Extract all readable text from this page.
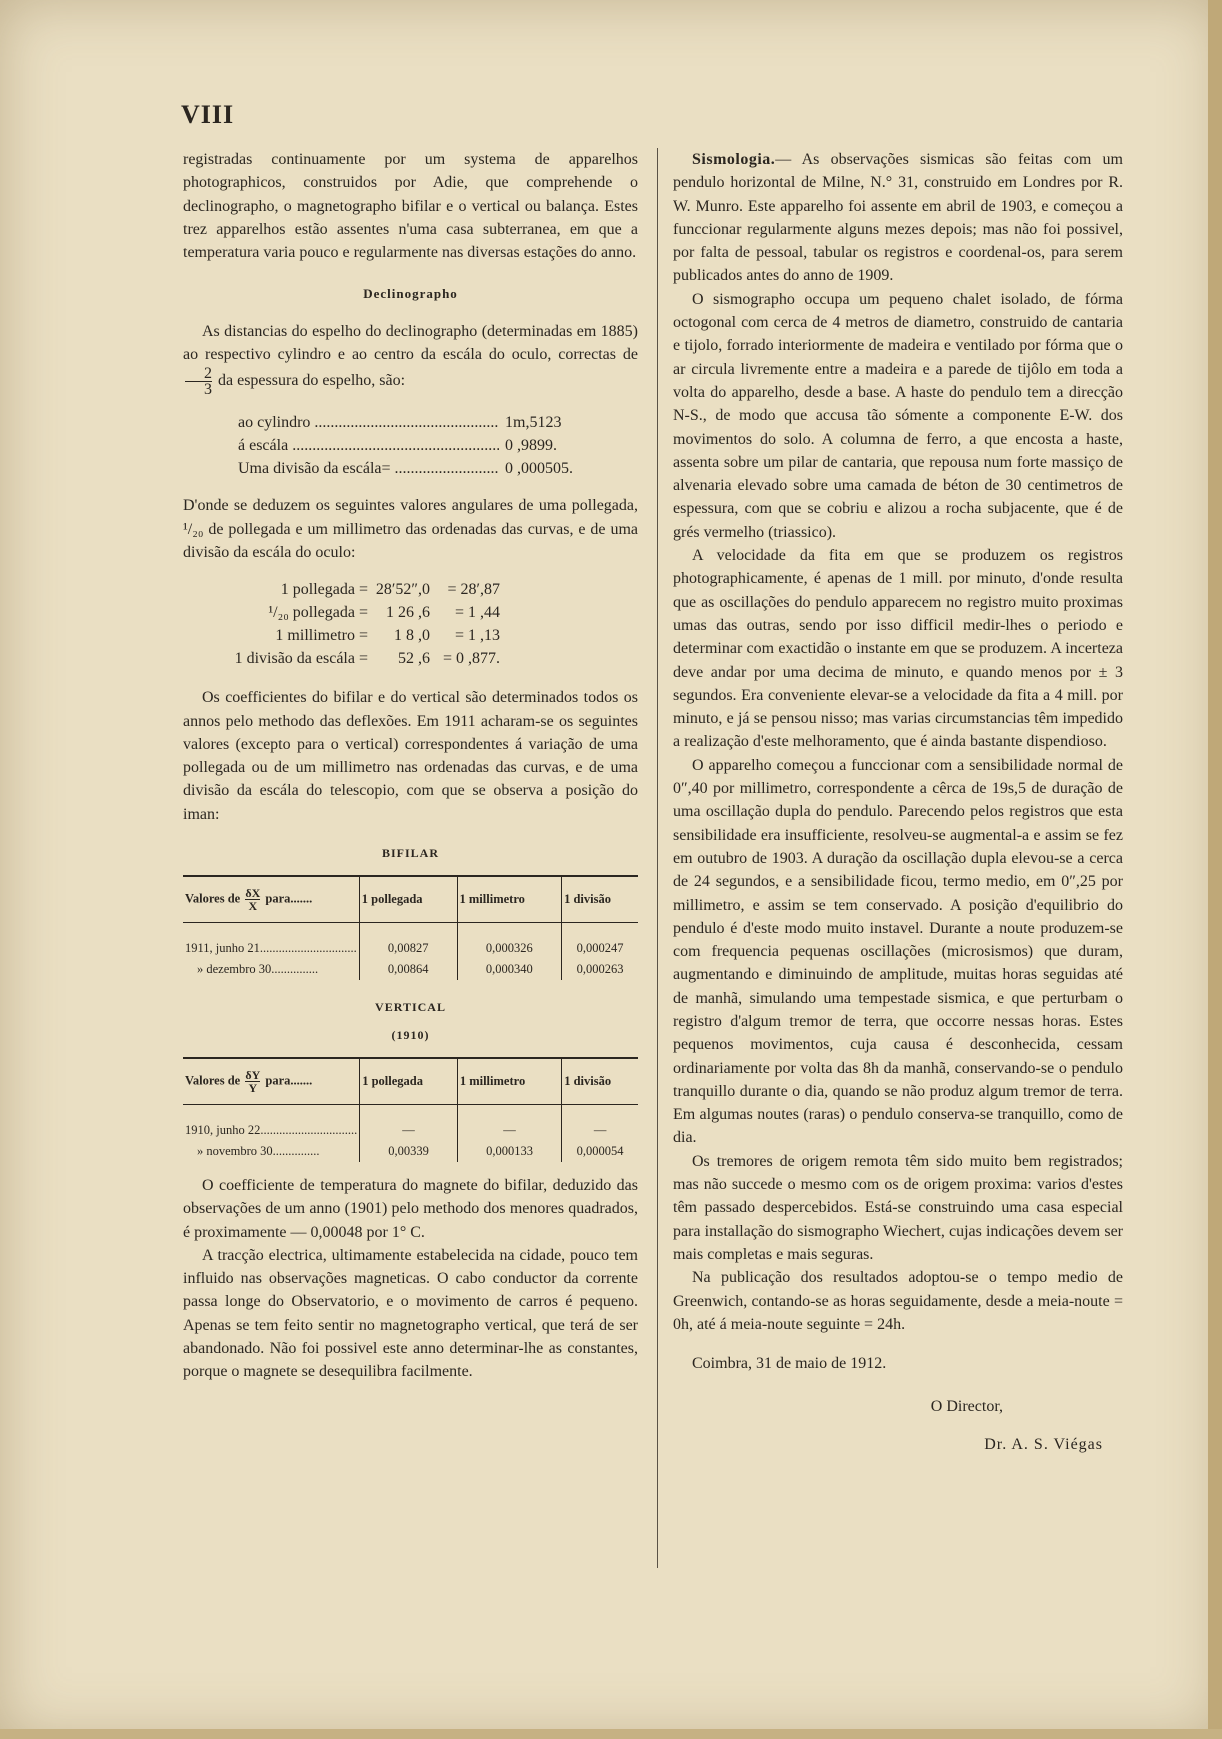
VIII

registradas continuamente por um systema de apparelhos photographicos, construidos por Adie, que comprehende o declinographo, o magnetographo bifilar e o vertical ou balança. Estes trez apparelhos estão assentes n'uma casa subterranea, em que a temperatura varia pouco e regularmente nas diversas estações do anno.

Declinographo

As distancias do espelho do declinographo (determinadas em 1885) ao respectivo cylindro e ao centro da escála do oculo, correctas de
$\frac{2}{3}$ da espessura do espelho, são:

ao cylindro .....	1m,5123
á escála .....	0 ,9899.
Uma divisão da escála= .....	0 ,000505.

D'onde se deduzem os seguintes valores angulares de uma pollegada, ¹/₂₀ de pollegada e um millimetro das ordenadas das curvas, e de uma divisão da escála do oculo:

1 pollegada = 28′52″,0	= 28′,87
¹/₂₀ pollegada =	1 26 ,6	= 1 ,44
1 millimetro =	1 8 ,0	= 1 ,13
1 divisão da escála =	52 ,6 = 0 ,877.

Os coefficientes do bifilar e do vertical são determinados todos os annos pelo methodo das deflexões. Em 1911 acharam-se os seguintes valores (excepto para o vertical) correspondentes á variação de uma pollegada ou de um millimetro nas ordenadas das curvas, e de uma divisão da escála do telescopio, com que se observa a posição do iman:

BIFILAR
Valores de $\frac{\delta X}{X}$ para.......	1 pollegada	1 millimetro	1 divisão
1911, junho 21...............................	0,00827	0,000326	0,000247
» dezembro 30...............	0,00864	0,000340	0,000263
VERTICAL
(1910)
Valores de $\frac{\delta Y}{Y}$ para.......	1 pollegada	1 millimetro	1 divisão
1910, junho 22...............................	—	—	—
» novembro 30...............	0,00339	0,000133	0,000054

O coefficiente de temperatura do magnete do bifilar, deduzido das observações de um anno (1901) pelo methodo dos menores quadrados, é proximamente — 0,00048 por 1° C.

A tracção electrica, ultimamente estabelecida na cidade, pouco tem influido nas observações magneticas. O cabo conductor da corrente passa longe do Observatorio, e o movimento de carros é pequeno. Apenas se tem feito sentir no magnetographo vertical, que terá de ser abandonado. Não foi possivel este anno determinar-lhe as constantes, porque o magnete se desequilibra facilmente.

Sismologia.— As observações sismicas são feitas com um pendulo horizontal de Milne, N.° 31, construido em Londres por R. W. Munro. Este apparelho foi assente em abril de 1903, e começou a funccionar regularmente alguns mezes depois; mas não foi possivel, por falta de pessoal, tabular os registros e coordenal-os, para serem publicados antes do anno de 1909.

O sismographo occupa um pequeno chalet isolado, de fórma octogonal com cerca de 4 metros de diametro, construido de cantaria e tijolo, forrado interiormente de madeira e ventilado por fórma que o ar circula livremente entre a madeira e a parede de tijôlo em toda a volta do apparelho, desde a base. A haste do pendulo tem a direcção N-S., de modo que accusa tão sómente a componente E-W. dos movimentos do solo. A columna de ferro, a que encosta a haste, assenta sobre um pilar de cantaria, que repousa num forte massiço de alvenaria elevado sobre uma camada de béton de 30 centimetros de espessura, com que se cobriu e alizou a rocha subjacente, que é de grés vermelho (triassico).

A velocidade da fita em que se produzem os registros photographicamente, é apenas de 1 mill. por minuto, d'onde resulta que as oscillações do pendulo apparecem no registro muito proximas umas das outras, sendo por isso difficil medir-lhes o periodo e determinar com exactidão o instante em que se produzem. A incerteza deve andar por uma decima de minuto, e quando menos por ± 3 segundos. Era conveniente elevar-se a velocidade da fita a 4 mill. por minuto, e já se pensou nisso; mas varias circumstancias têm impedido a realização d'este melhoramento, que é ainda bastante dispendioso.

O apparelho começou a funccionar com a sensibilidade normal de 0″,40 por millimetro, correspondente a cêrca de 19s,5 de duração de uma oscillação dupla do pendulo. Parecendo pelos registros que esta sensibilidade era insufficiente, resolveu-se augmental-a e assim se fez em outubro de 1903. A duração da oscillação dupla elevou-se a cerca de 24 segundos, e a sensibilidade ficou, termo medio, em 0″,25 por millimetro, e assim se tem conservado. A posição d'equilibrio do pendulo é d'este modo muito instavel. Durante a noute produzem-se com frequencia pequenas oscillações (microsismos) que duram, augmentando e diminuindo de amplitude, muitas horas seguidas até de manhã, simulando uma tempestade sismica, e que perturbam o registro d'algum tremor de terra, que occorre nessas horas. Estes pequenos movimentos, cuja causa é desconhecida, cessam ordinariamente por volta das 8h da manhã, conservando-se o pendulo tranquillo durante o dia, quando se não produz algum tremor de terra. Em algumas noutes (raras) o pendulo conserva-se tranquillo, como de dia.

Os tremores de origem remota têm sido muito bem registrados; mas não succede o mesmo com os de origem proxima: varios d'estes têm passado despercebidos. Está-se construindo uma casa especial para installação do sismographo Wiechert, cujas indicações devem ser mais completas e mais seguras.

Na publicação dos resultados adoptou-se o tempo medio de Greenwich, contando-se as horas seguidamente, desde a meia-noute = 0h, até á meia-noute seguinte = 24h.

Coimbra, 31 de maio de 1912.
O Director,
Dr. A. S. Viégas
